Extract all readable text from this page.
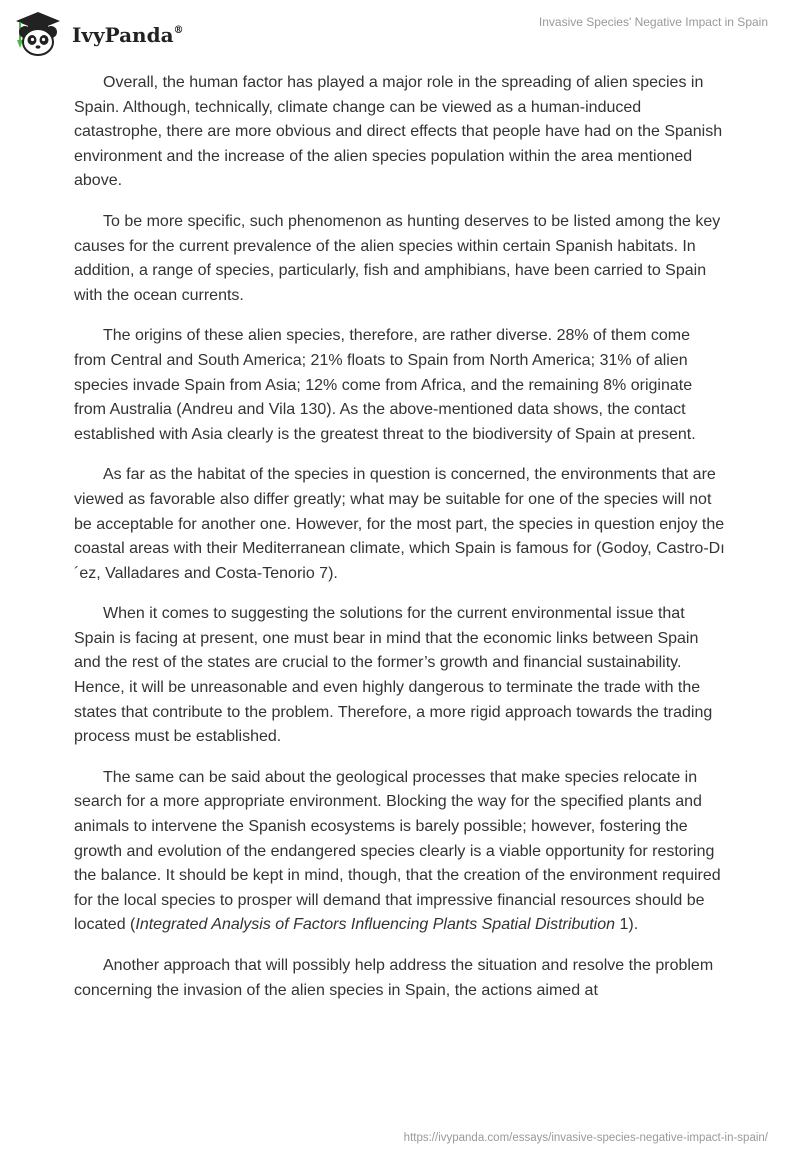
IvyPanda®
Invasive Species' Negative Impact in Spain

Overall, the human factor has played a major role in the spreading of alien species in Spain. Although, technically, climate change can be viewed as a human-induced catastrophe, there are more obvious and direct effects that people have had on the Spanish environment and the increase of the alien species population within the area mentioned above.

To be more specific, such phenomenon as hunting deserves to be listed among the key causes for the current prevalence of the alien species within certain Spanish habitats. In addition, a range of species, particularly, fish and amphibians, have been carried to Spain with the ocean currents.

The origins of these alien species, therefore, are rather diverse. 28% of them come from Central and South America; 21% floats to Spain from North America; 31% of alien species invade Spain from Asia; 12% come from Africa, and the remaining 8% originate from Australia (Andreu and Vila 130). As the above-mentioned data shows, the contact established with Asia clearly is the greatest threat to the biodiversity of Spain at present.

As far as the habitat of the species in question is concerned, the environments that are viewed as favorable also differ greatly; what may be suitable for one of the species will not be acceptable for another one. However, for the most part, the species in question enjoy the coastal areas with their Mediterranean climate, which Spain is famous for (Godoy, Castro-Dı´ez, Valladares and Costa-Tenorio 7).

When it comes to suggesting the solutions for the current environmental issue that Spain is facing at present, one must bear in mind that the economic links between Spain and the rest of the states are crucial to the former’s growth and financial sustainability. Hence, it will be unreasonable and even highly dangerous to terminate the trade with the states that contribute to the problem. Therefore, a more rigid approach towards the trading process must be established.

The same can be said about the geological processes that make species relocate in search for a more appropriate environment. Blocking the way for the specified plants and animals to intervene the Spanish ecosystems is barely possible; however, fostering the growth and evolution of the endangered species clearly is a viable opportunity for restoring the balance. It should be kept in mind, though, that the creation of the environment required for the local species to prosper will demand that impressive financial resources should be located (Integrated Analysis of Factors Influencing Plants Spatial Distribution 1).

Another approach that will possibly help address the situation and resolve the problem concerning the invasion of the alien species in Spain, the actions aimed at

https://ivypanda.com/essays/invasive-species-negative-impact-in-spain/
